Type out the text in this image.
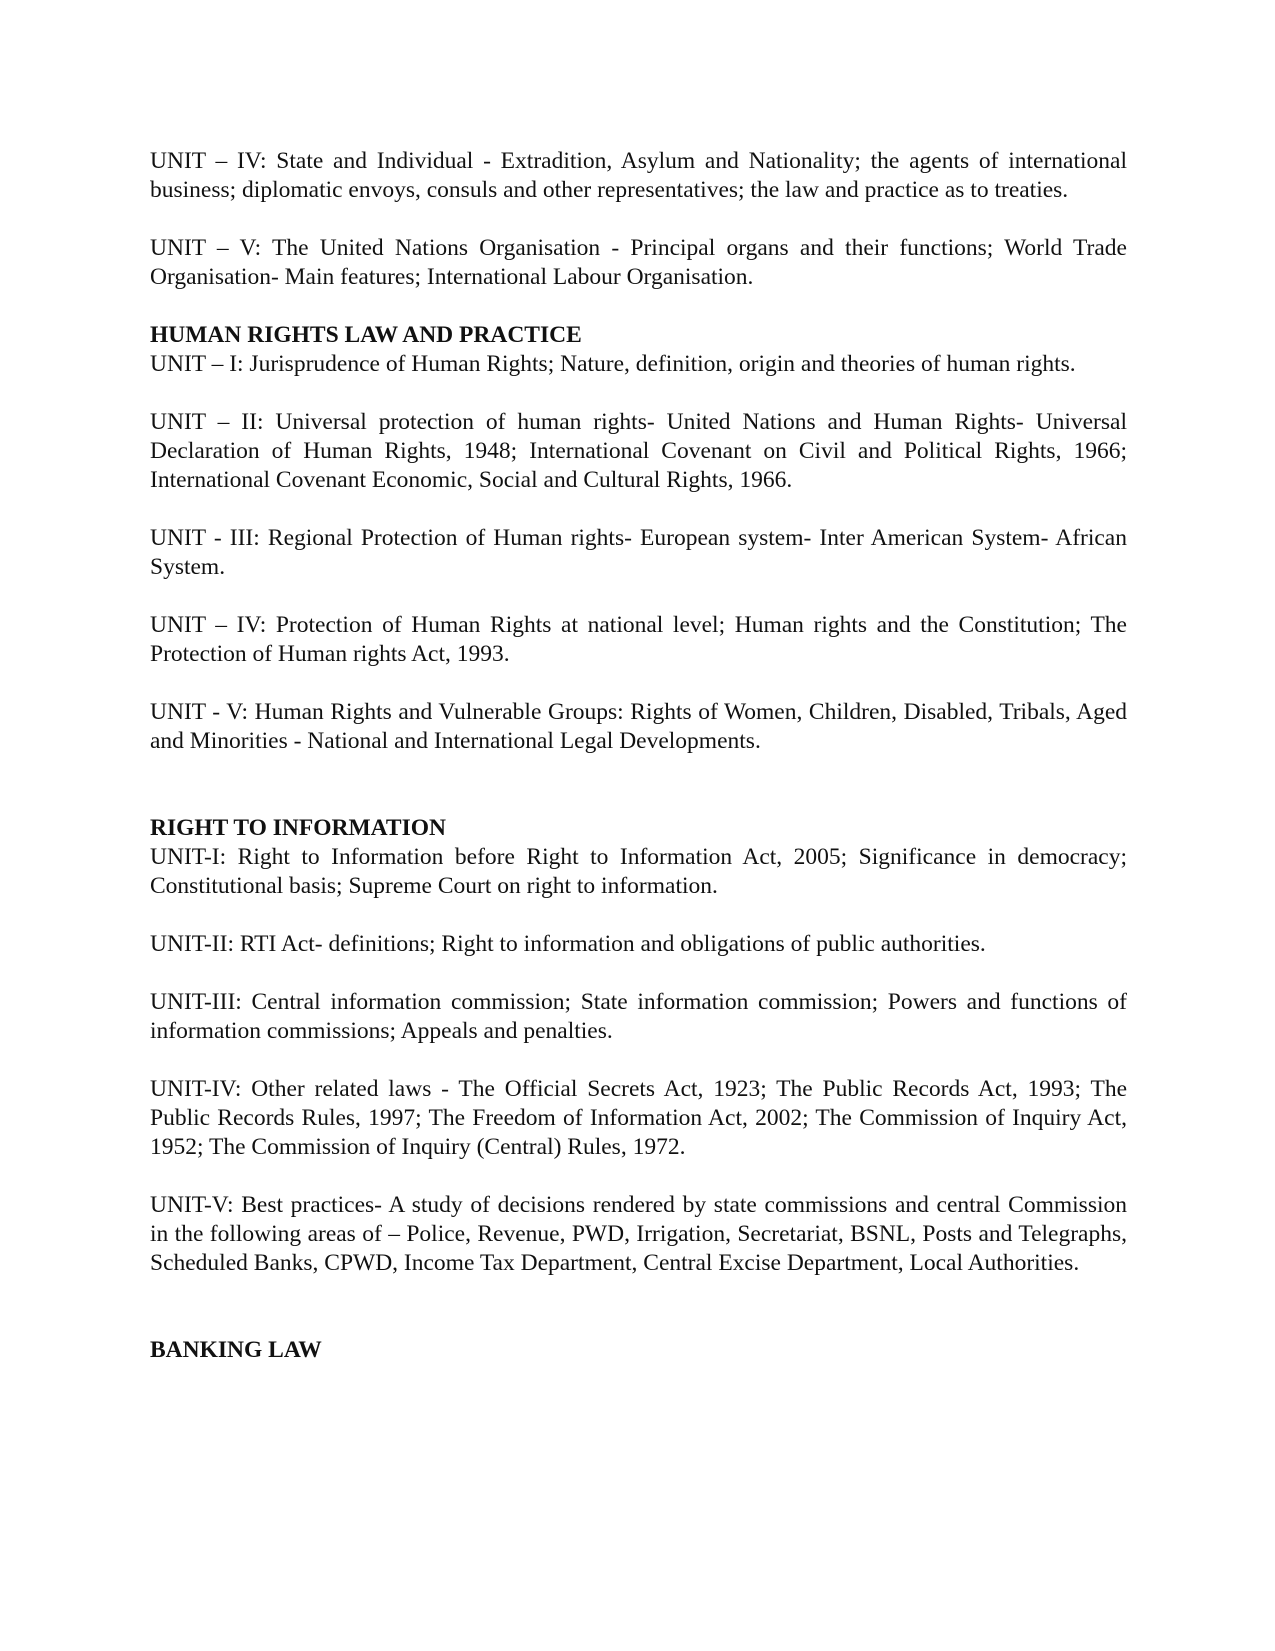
UNIT – IV: State and Individual - Extradition, Asylum and Nationality; the agents of international business; diplomatic envoys, consuls and other representatives; the law and practice as to treaties.

UNIT – V: The United Nations Organisation - Principal organs and their functions; World Trade Organisation- Main features; International Labour Organisation.

HUMAN RIGHTS LAW AND PRACTICE

UNIT – I: Jurisprudence of Human Rights; Nature, definition, origin and theories of human rights.

UNIT – II: Universal protection of human rights- United Nations and Human Rights- Universal Declaration of Human Rights, 1948; International Covenant on Civil and Political Rights, 1966; International Covenant Economic, Social and Cultural Rights, 1966.

UNIT - III: Regional Protection of Human rights- European system- Inter American System- African System.

UNIT – IV: Protection of Human Rights at national level; Human rights and the Constitution; The Protection of Human rights Act, 1993.

UNIT - V: Human Rights and Vulnerable Groups: Rights of Women, Children, Disabled, Tribals, Aged and Minorities - National and International Legal Developments.

RIGHT TO INFORMATION

UNIT-I: Right to Information before Right to Information Act, 2005; Significance in democracy; Constitutional basis; Supreme Court on right to information.

UNIT-II: RTI Act- definitions; Right to information and obligations of public authorities.

UNIT-III: Central information commission; State information commission; Powers and functions of information commissions; Appeals and penalties.

UNIT-IV: Other related laws - The Official Secrets Act, 1923; The Public Records Act, 1993; The Public Records Rules, 1997; The Freedom of Information Act, 2002; The Commission of Inquiry Act, 1952; The Commission of Inquiry (Central) Rules, 1972.

UNIT-V: Best practices- A study of decisions rendered by state commissions and central Commission in the following areas of – Police, Revenue, PWD, Irrigation, Secretariat, BSNL, Posts and Telegraphs, Scheduled Banks, CPWD, Income Tax Department, Central Excise Department, Local Authorities.

BANKING LAW
